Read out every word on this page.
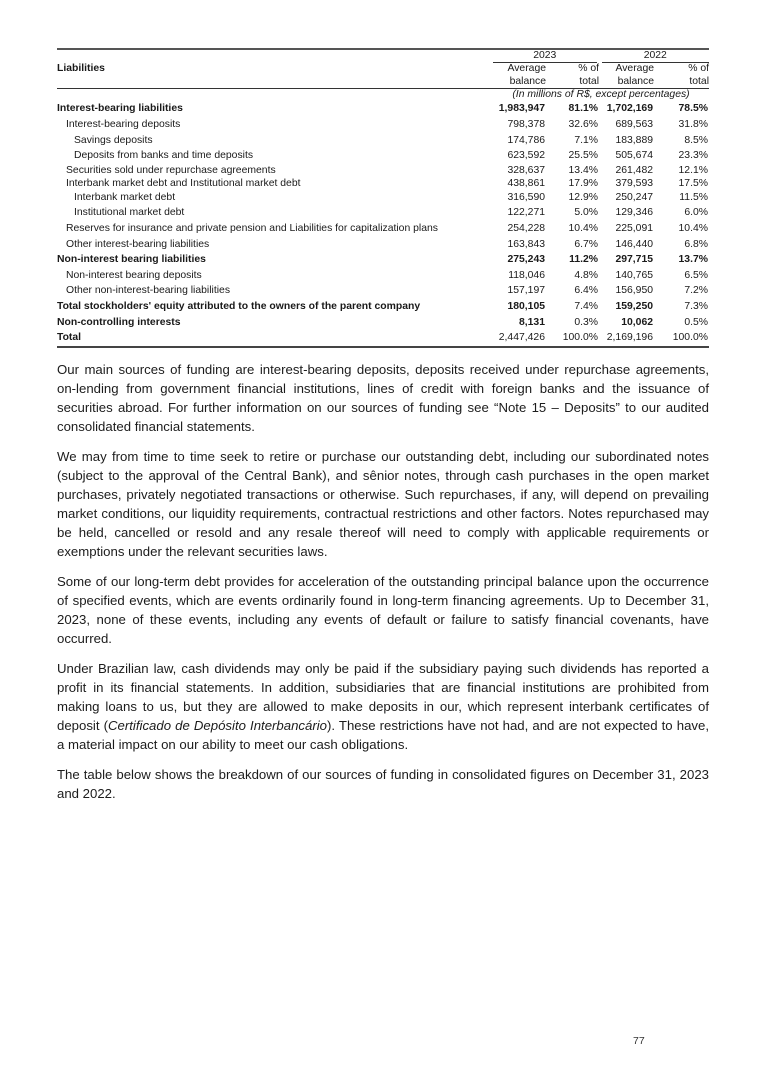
	2023		2022	
Liabilities	Average	% of	Average	% of
	balance	total	balance	total
	(In millions of R$, except percentages)			
Interest-bearing liabilities	1,983,947	81.1%	1,702,169	78.5%
Interest-bearing deposits	798,378	32.6%	689,563	31.8%
Savings deposits	174,786	7.1%	183,889	8.5%
Deposits from banks and time deposits	623,592	25.5%	505,674	23.3%
Securities sold under repurchase agreements	328,637	13.4%	261,482	12.1%
Interbank market debt and Institutional market debt	438,861	17.9%	379,593	17.5%
Interbank market debt	316,590	12.9%	250,247	11.5%
Institutional market debt	122,271	5.0%	129,346	6.0%
Reserves for insurance and private pension and Liabilities for capitalization plans	254,228	10.4%	225,091	10.4%
Other interest-bearing liabilities	163,843	6.7%	146,440	6.8%
Non-interest bearing liabilities	275,243	11.2%	297,715	13.7%
Non-interest bearing deposits	118,046	4.8%	140,765	6.5%
Other non-interest-bearing liabilities	157,197	6.4%	156,950	7.2%
Total stockholders' equity attributed to the owners of the parent company	180,105	7.4%	159,250	7.3%
Non-controlling interests	8,131	0.3%	10,062	0.5%
Total	2,447,426	100.0%	2,169,196	100.0%

Our main sources of funding are interest-bearing deposits, deposits received under repurchase agreements, on-lending from government financial institutions, lines of credit with foreign banks and the issuance of securities abroad. For further information on our sources of funding see “Note 15 – Deposits” to our audited consolidated financial statements.

We may from time to time seek to retire or purchase our outstanding debt, including our subordinated notes (subject to the approval of the Central Bank), and sênior notes, through cash purchases in the open market purchases, privately negotiated transactions or otherwise. Such repurchases, if any, will depend on prevailing market conditions, our liquidity requirements, contractual restrictions and other factors. Notes repurchased may be held, cancelled or resold and any resale thereof will need to comply with applicable requirements or exemptions under the relevant securities laws.

Some of our long-term debt provides for acceleration of the outstanding principal balance upon the occurrence of specified events, which are events ordinarily found in long-term financing agreements. Up to December 31, 2023, none of these events, including any events of default or failure to satisfy financial covenants, have occurred.

Under Brazilian law, cash dividends may only be paid if the subsidiary paying such dividends has reported a profit in its financial statements. In addition, subsidiaries that are financial institutions are prohibited from making loans to us, but they are allowed to make deposits in our, which represent interbank certificates of deposit (Certificado de Depósito Interbancário). These restrictions have not had, and are not expected to have, a material impact on our ability to meet our cash obligations.

The table below shows the breakdown of our sources of funding in consolidated figures on December 31, 2023 and 2022.

77
